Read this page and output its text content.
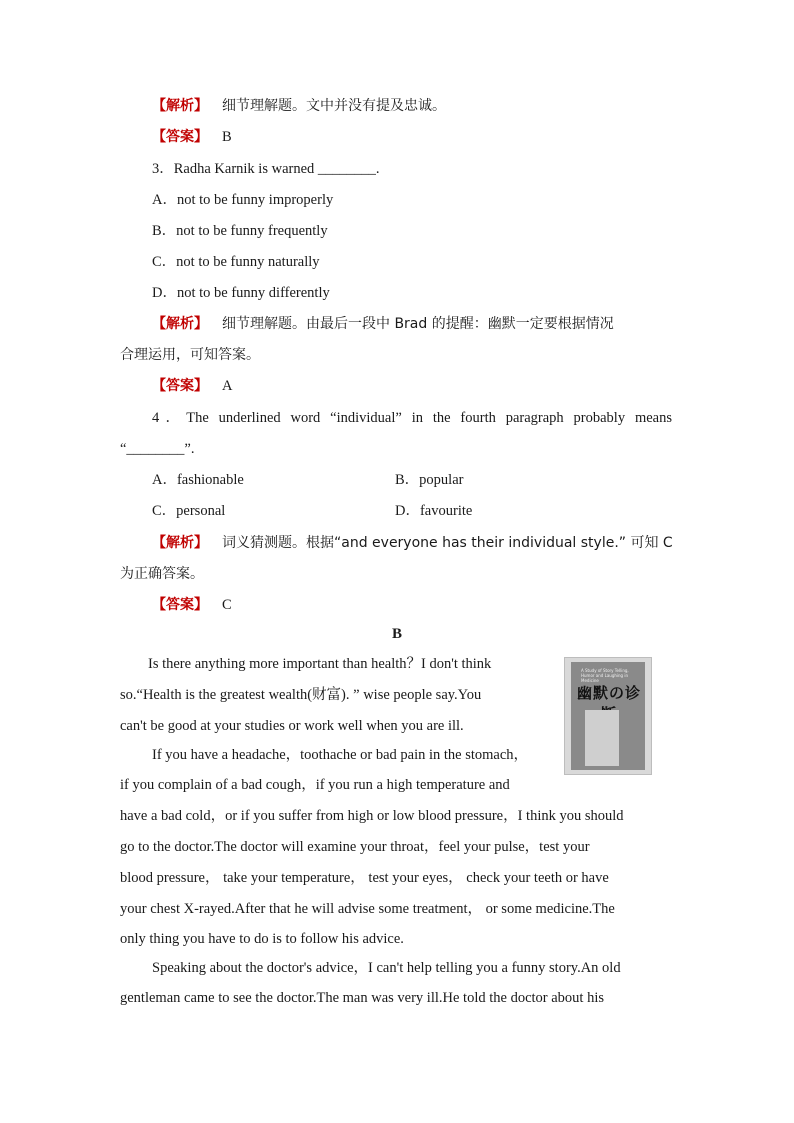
【解析】 细节理解题。文中并没有提及忠诚。
【答案】 B
3．Radha Karnik is warned ________.
A．not to be funny improperly
B．not to be funny frequently
C．not to be funny naturally
D．not to be funny differently
【解析】 细节理解题。由最后一段中 Brad 的提醒：幽默一定要根据情况
合理运用，可知答案。
【答案】 A
4．The underlined word “individual” in the fourth paragraph probably means
“________”.
A．fashionable	B．popular
C．personal	D．favourite
【解析】 词义猜测题。根据“and everyone has their individual style.” 可知 C
为正确答案。
【答案】 C
B
A Study of Story Telling, Humor and Laughing in Medicine
幽默の诊
Is there anything more important than health？I don't think
so.“Health is the greatest wealth(财富). ” wise people say.You
can't be good at your studies or work well when you are ill.
If you have a headache，toothache or bad pain in the stomach，
if you complain of a bad cough，if you run a high temperature and
have a bad cold，or if you suffer from high or low blood pressure，I think you should
go to the doctor.The doctor will examine your throat，feel your pulse，test your
blood pressure， take your temperature， test your eyes， check your teeth or have
your chest X-rayed.After that he will advise some treatment， or some medicine.The
only thing you have to do is to follow his advice.
Speaking about the doctor's advice，I can't help telling you a funny story.An old
gentleman came to see the doctor.The man was very ill.He told the doctor about his
